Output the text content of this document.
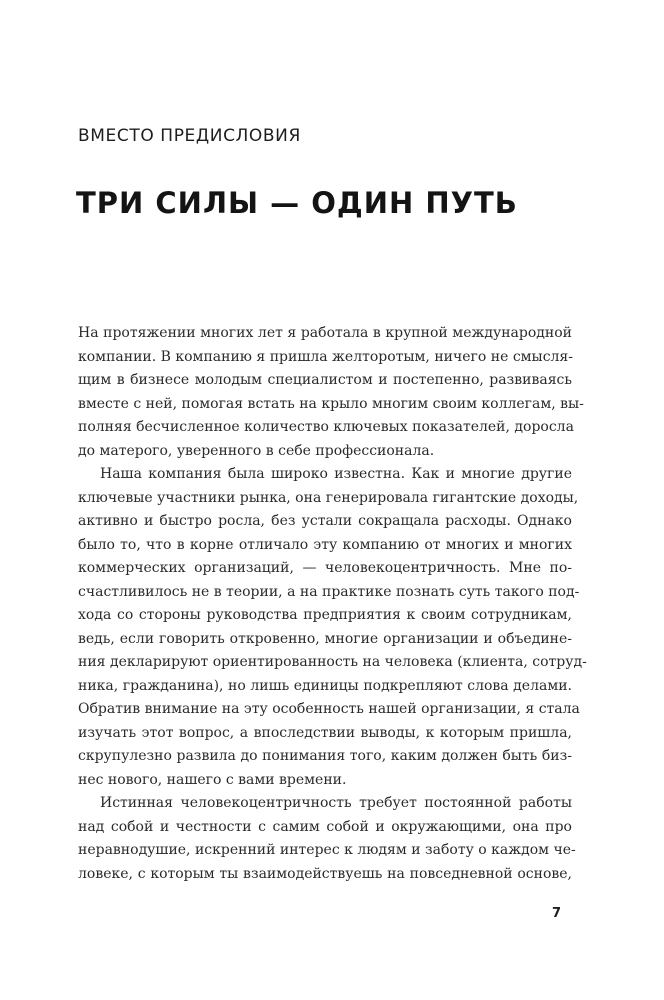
ВМЕСТО ПРЕДИСЛОВИЯ
ТРИ СИЛЫ — ОДИН ПУТЬ
На протяжении многих лет я работала в крупной международной
компании. В компанию я пришла желторотым, ничего не смысля-
щим в бизнесе молодым специалистом и постепенно, развиваясь
вместе с ней, помогая встать на крыло многим своим коллегам, вы-
полняя бесчисленное количество ключевых показателей, доросла
до матерого, уверенного в себе профессионала.
Наша компания была широко известна. Как и многие другие
ключевые участники рынка, она генерировала гигантские доходы,
активно и быстро росла, без устали сокращала расходы. Однако
было то, что в корне отличало эту компанию от многих и многих
коммерческих организаций, — человекоцентричность. Мне по-
счастливилось не в теории, а на практике познать суть такого под-
хода со стороны руководства предприятия к своим сотрудникам,
ведь, если говорить откровенно, многие организации и объедине-
ния декларируют ориентированность на человека (клиента, сотруд-
ника, гражданина), но лишь единицы подкрепляют слова делами.
Обратив внимание на эту особенность нашей организации, я стала
изучать этот вопрос, а впоследствии выводы, к которым пришла,
скрупулезно развила до понимания того, каким должен быть биз-
нес нового, нашего с вами времени.
Истинная человекоцентричность требует постоянной работы
над собой и честности с самим собой и окружающими, она про
неравнодушие, искренний интерес к людям и заботу о каждом че-
ловеке, с которым ты взаимодействуешь на повседневной основе,
7
